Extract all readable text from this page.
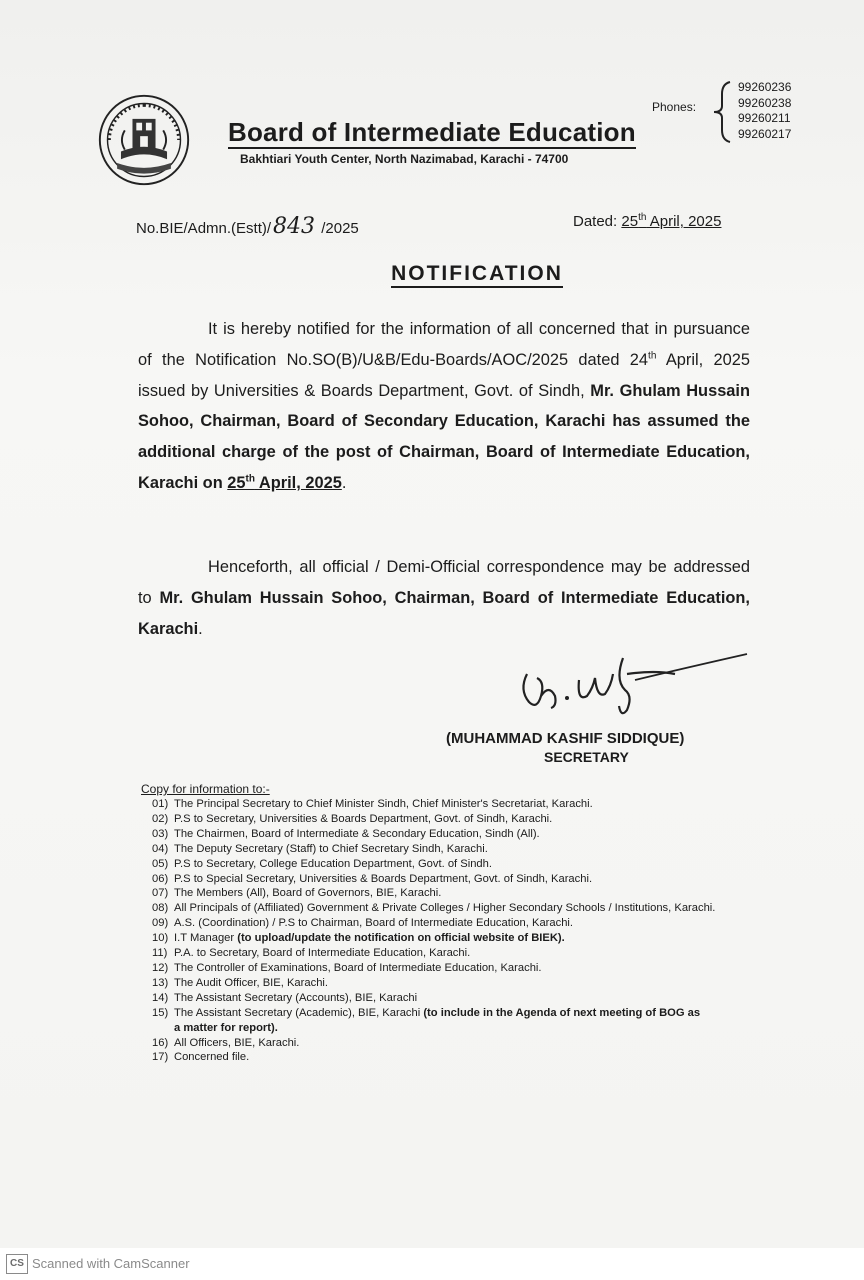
Board of Intermediate Education
Bakhtiari Youth Center, North Nazimabad, Karachi - 74700
Phones:
99260236
99260238
99260211
99260217
No.BIE/Admn.(Estt)/843 /2025	Dated: 25th April, 2025
NOTIFICATION
It is hereby notified for the information of all concerned that in pursuance of the Notification No.SO(B)/U&B/Edu-Boards/AOC/2025 dated 24th April, 2025 issued by Universities & Boards Department, Govt. of Sindh, Mr. Ghulam Hussain Sohoo, Chairman, Board of Secondary Education, Karachi has assumed the additional charge of the post of Chairman, Board of Intermediate Education, Karachi on 25th April, 2025.
Henceforth, all official / Demi-Official correspondence may be addressed to Mr. Ghulam Hussain Sohoo, Chairman, Board of Intermediate Education, Karachi.
(MUHAMMAD KASHIF SIDDIQUE)
SECRETARY
Copy for information to:-
01) The Principal Secretary to Chief Minister Sindh, Chief Minister's Secretariat, Karachi.
02) P.S to Secretary, Universities & Boards Department, Govt. of Sindh, Karachi.
03) The Chairmen, Board of Intermediate & Secondary Education, Sindh (All).
04) The Deputy Secretary (Staff) to Chief Secretary Sindh, Karachi.
05) P.S to Secretary, College Education Department, Govt. of Sindh.
06) P.S to Special Secretary, Universities & Boards Department, Govt. of Sindh, Karachi.
07) The Members (All), Board of Governors, BIE, Karachi.
08) All Principals of (Affiliated) Government & Private Colleges / Higher Secondary Schools / Institutions, Karachi.
09) A.S. (Coordination) / P.S to Chairman, Board of Intermediate Education, Karachi.
10) I.T Manager (to upload/update the notification on official website of BIEK).
11) P.A. to Secretary, Board of Intermediate Education, Karachi.
12) The Controller of Examinations, Board of Intermediate Education, Karachi.
13) The Audit Officer, BIE, Karachi.
14) The Assistant Secretary (Accounts), BIE, Karachi
15) The Assistant Secretary (Academic), BIE, Karachi (to include in the Agenda of next meeting of BOG as
a matter for report).
16) All Officers, BIE, Karachi.
17) Concerned file.
CS Scanned with CamScanner
